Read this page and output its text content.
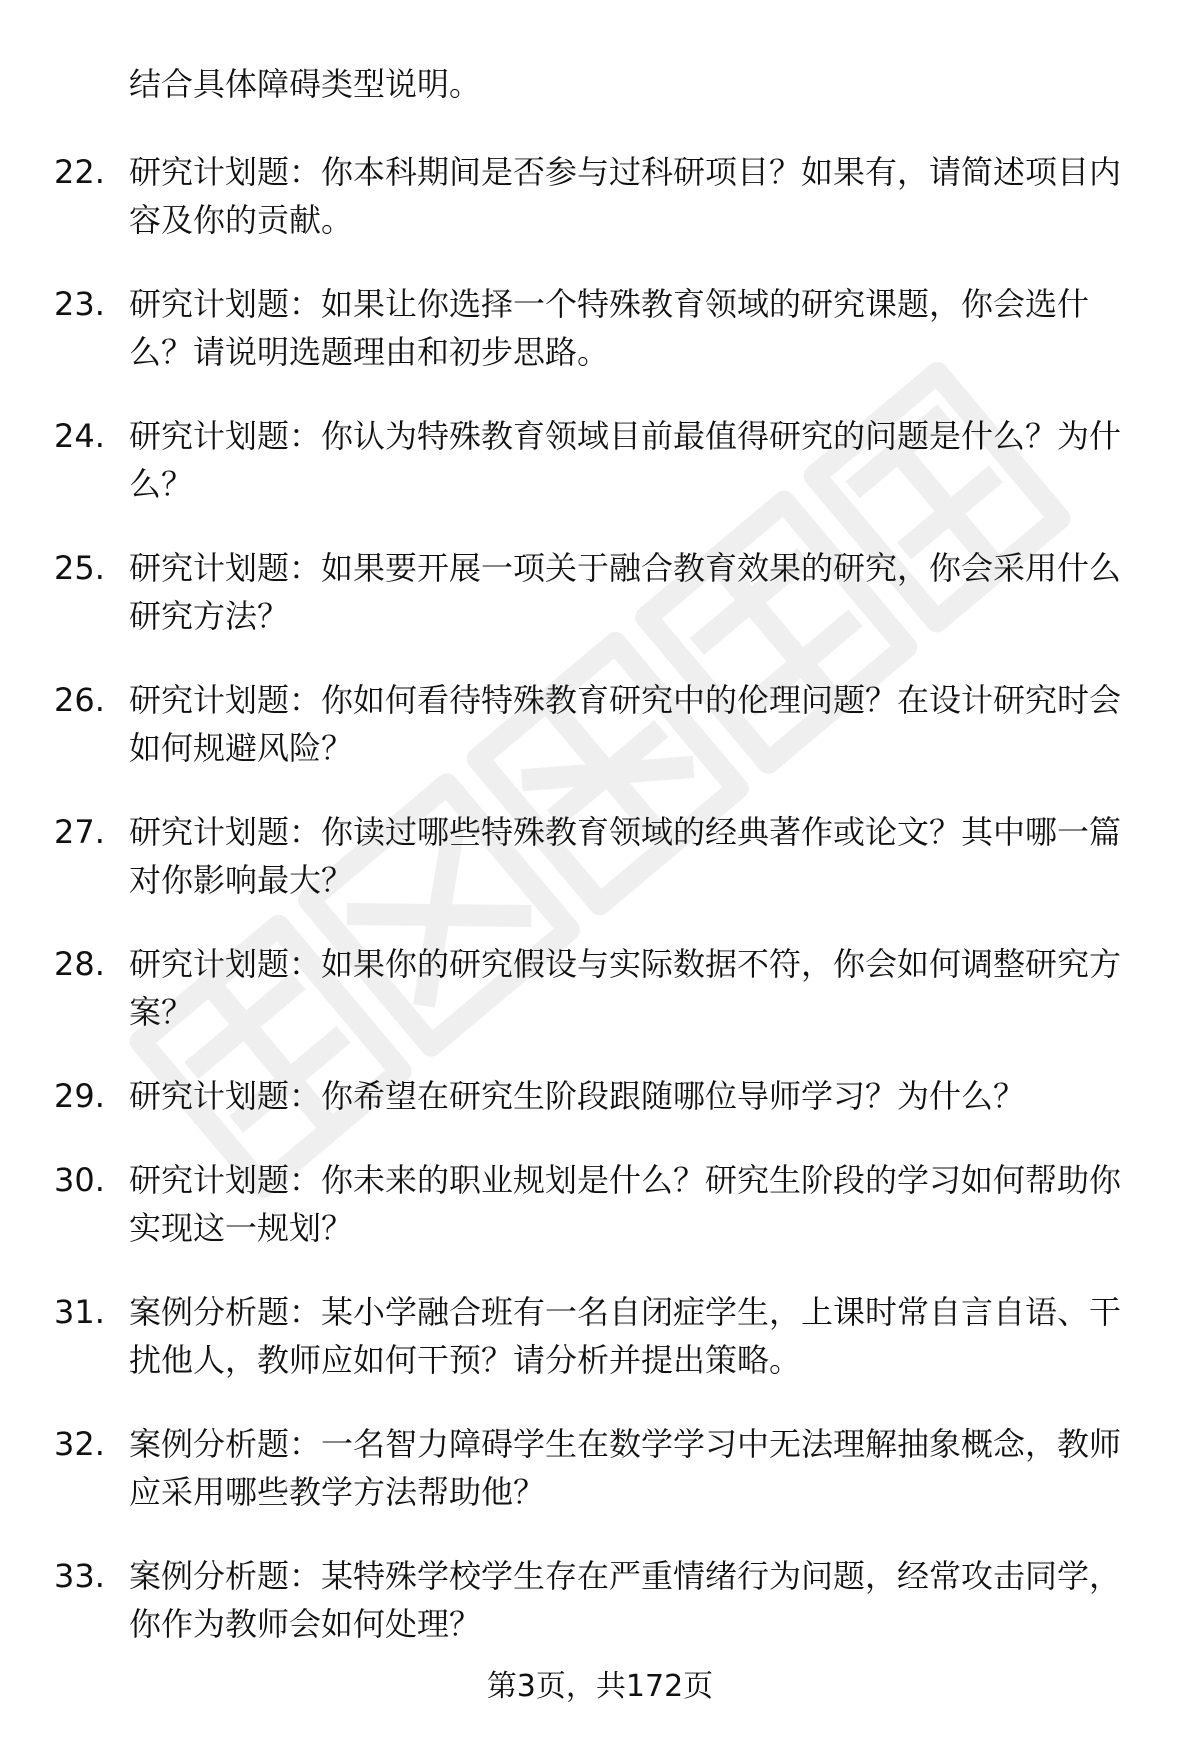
结合具体障碍类型说明。

22. 研究计划题：你本科期间是否参与过科研项目？如果有，请简述项目内容及你的贡献。
23. 研究计划题：如果让你选择一个特殊教育领域的研究课题，你会选什么？请说明选题理由和初步思路。
24. 研究计划题：你认为特殊教育领域目前最值得研究的问题是什么？为什么？
25. 研究计划题：如果要开展一项关于融合教育效果的研究，你会采用什么研究方法？
26. 研究计划题：你如何看待特殊教育研究中的伦理问题？在设计研究时会如何规避风险？
27. 研究计划题：你读过哪些特殊教育领域的经典著作或论文？其中哪一篇对你影响最大？
28. 研究计划题：如果你的研究假设与实际数据不符，你会如何调整研究方案？
29. 研究计划题：你希望在研究生阶段跟随哪位导师学习？为什么？
30. 研究计划题：你未来的职业规划是什么？研究生阶段的学习如何帮助你实现这一规划？
31. 案例分析题：某小学融合班有一名自闭症学生，上课时常自言自语、干扰他人，教师应如何干预？请分析并提出策略。
32. 案例分析题：一名智力障碍学生在数学学习中无法理解抽象概念，教师应采用哪些教学方法帮助他？
33. 案例分析题：某特殊学校学生存在严重情绪行为问题，经常攻击同学，你作为教师会如何处理？
第3页，共172页
